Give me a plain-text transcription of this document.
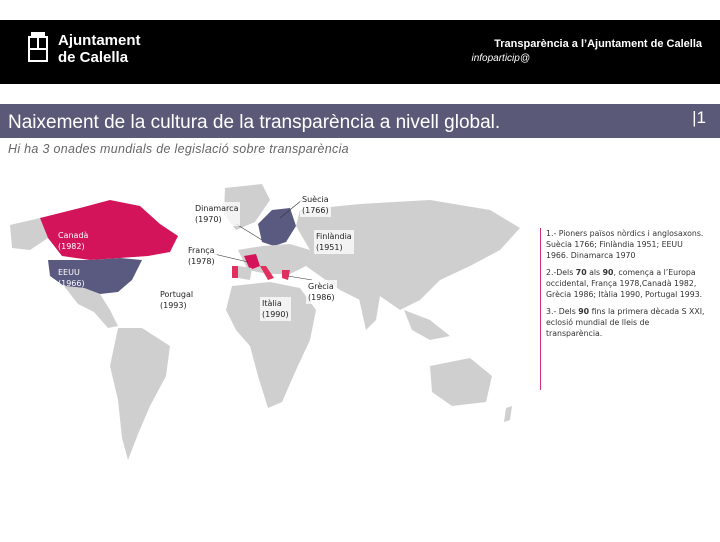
Ajuntament
de Calella
Transparència a l’Ajuntament de Calella
infoparticip@
Naixement de la cultura de la transparència a nivell global.	|1
Hi ha 3 onades mundials de legislació sobre transparència
Canadà
(1982)
EEUU
(1966)
Dinamarca
(1970)
Suècia
(1766)
Finlàndia
(1951)
França
(1978)
Portugal
(1993)	Itàlia
(1990)
Grècia
(1986)

1.- Pioners països nòrdics i anglosaxons. Suècia 1766; Finlàndia 1951; EEUU 1966. Dinamarca 1970

2.-Dels 70 als 90, comença a l’Europa occidental, França 1978,Canadà 1982, Grècia 1986; Itàlia 1990, Portugal 1993.

3.- Dels 90 fins la primera dècada S XXI, eclosió mundial de lleis de transparència.
